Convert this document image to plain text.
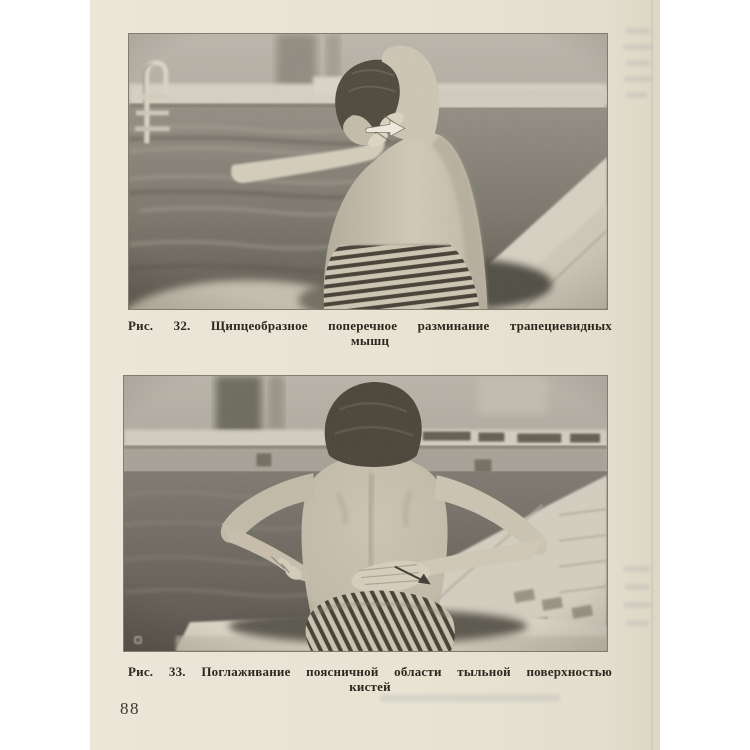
Рис. 32. Щипцеобразное поперечное разминание трапециевидных
мышц
Рис. 33. Поглаживание поясничной области тыльной поверхностью
кистей
88
